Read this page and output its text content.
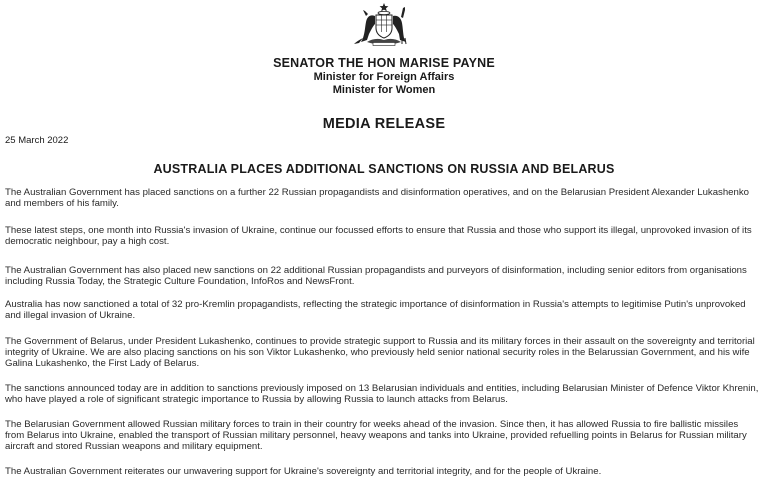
SENATOR THE HON MARISE PAYNE
Minister for Foreign Affairs
Minister for Women
MEDIA RELEASE
25 March 2022
AUSTRALIA PLACES ADDITIONAL SANCTIONS ON RUSSIA AND BELARUS
The Australian Government has placed sanctions on a further 22 Russian propagandists and disinformation operatives, and on the Belarusian President Alexander Lukashenko and members of his family.
These latest steps, one month into Russia's invasion of Ukraine, continue our focussed efforts to ensure that Russia and those who support its illegal, unprovoked invasion of its democratic neighbour, pay a high cost.
The Australian Government has also placed new sanctions on 22 additional Russian propagandists and purveyors of disinformation, including senior editors from organisations including Russia Today, the Strategic Culture Foundation, InfoRos and NewsFront.
Australia has now sanctioned a total of 32 pro-Kremlin propagandists, reflecting the strategic importance of disinformation in Russia's attempts to legitimise Putin's unprovoked and illegal invasion of Ukraine.
The Government of Belarus, under President Lukashenko, continues to provide strategic support to Russia and its military forces in their assault on the sovereignty and territorial integrity of Ukraine. We are also placing sanctions on his son Viktor Lukashenko, who previously held senior national security roles in the Belarussian Government, and his wife Galina Lukashenko, the First Lady of Belarus.
The sanctions announced today are in addition to sanctions previously imposed on 13 Belarusian individuals and entities, including Belarusian Minister of Defence Viktor Khrenin, who have played a role of significant strategic importance to Russia by allowing Russia to launch attacks from Belarus.
The Belarusian Government allowed Russian military forces to train in their country for weeks ahead of the invasion. Since then, it has allowed Russia to fire ballistic missiles from Belarus into Ukraine, enabled the transport of Russian military personnel, heavy weapons and tanks into Ukraine, provided refuelling points in Belarus for Russian military aircraft and stored Russian weapons and military equipment.
The Australian Government reiterates our unwavering support for Ukraine's sovereignty and territorial integrity, and for the people of Ukraine.
